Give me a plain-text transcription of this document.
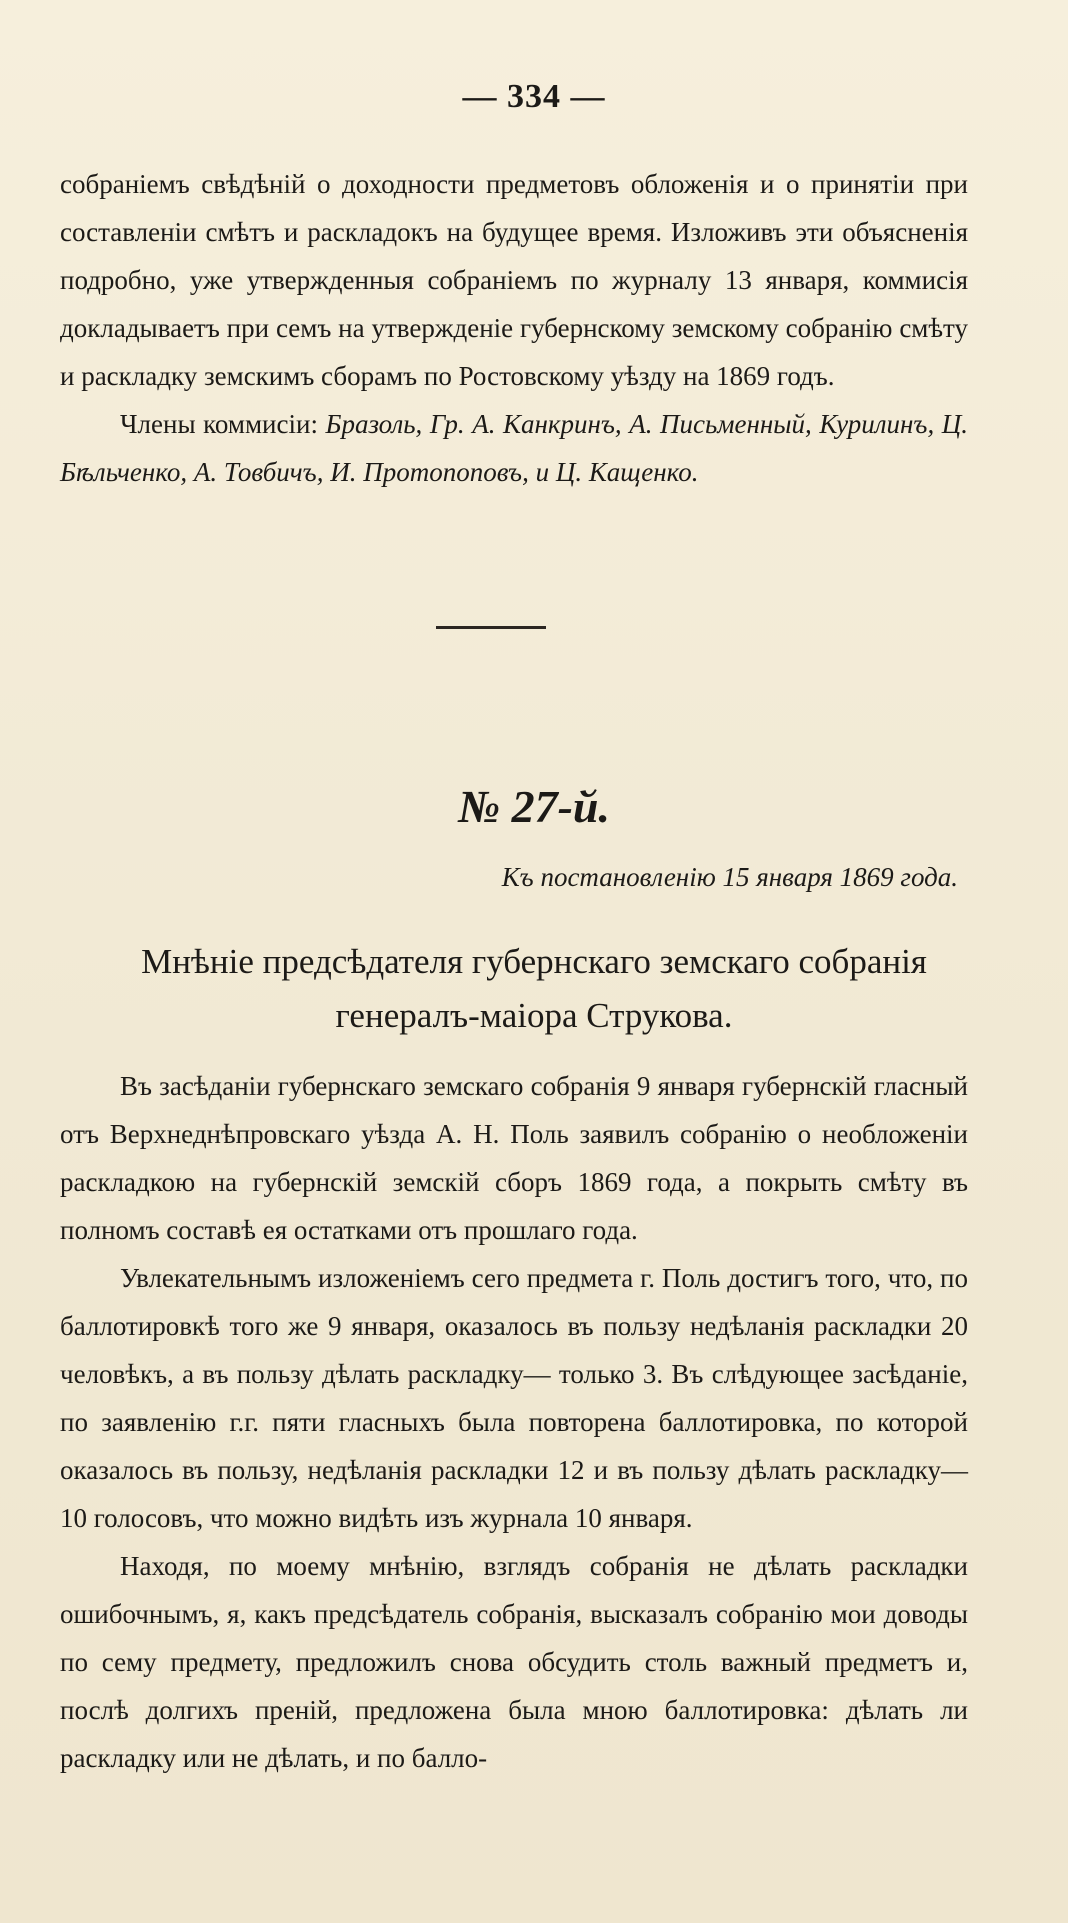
— 334 —

собраніемъ свѣдѣній о доходности предметовъ обложенія и о принятіи при составленіи смѣтъ и раскладокъ на будущее время. Изложивъ эти объясненія подробно, уже утвержденныя собраніемъ по журналу 13 января, коммисія докладываетъ при семъ на утвержденіе губернскому земскому собранію смѣту и раскладку земскимъ сборамъ по Ростовскому уѣзду на 1869 годъ.

Члены коммисіи: Бразоль, Гр. А. Канкринъ, А. Письменный, Курилинъ, Ц. Бѣльченко, А. Товбичъ, И. Протопоповъ, и Ц. Кащенко.

№ 27-й.
Къ постановленію 15 января 1869 года.

Мнѣніе предсѣдателя губернскаго земскаго собранія

генералъ-маіора Струкова.

Въ засѣданіи губернскаго земскаго собранія 9 января губернскій гласный отъ Верхнеднѣпровскаго уѣзда А. Н. Поль заявилъ собранію о необложеніи раскладкою на губернскій земскій сборъ 1869 года, а покрыть смѣту въ полномъ составѣ ея остатками отъ прошлаго года.

Увлекательнымъ изложеніемъ сего предмета г. Поль достигъ того, что, по баллотировкѣ того же 9 января, оказалось въ пользу недѣланія раскладки 20 человѣкъ, а въ пользу дѣлать раскладку— только 3. Въ слѣдующее засѣданіе, по заявленію г.г. пяти гласныхъ была повторена баллотировка, по которой оказалось въ пользу, недѣланія раскладки 12 и въ пользу дѣлать раскладку—10 голосовъ, что можно видѣть изъ журнала 10 января.

Находя, по моему мнѣнію, взглядъ собранія не дѣлать раскладки ошибочнымъ, я, какъ предсѣдатель собранія, высказалъ собранію мои доводы по сему предмету, предложилъ снова обсудить столь важный предметъ и, послѣ долгихъ преній, предложена была мною баллотировка: дѣлать ли раскладку или не дѣлать, и по балло-
